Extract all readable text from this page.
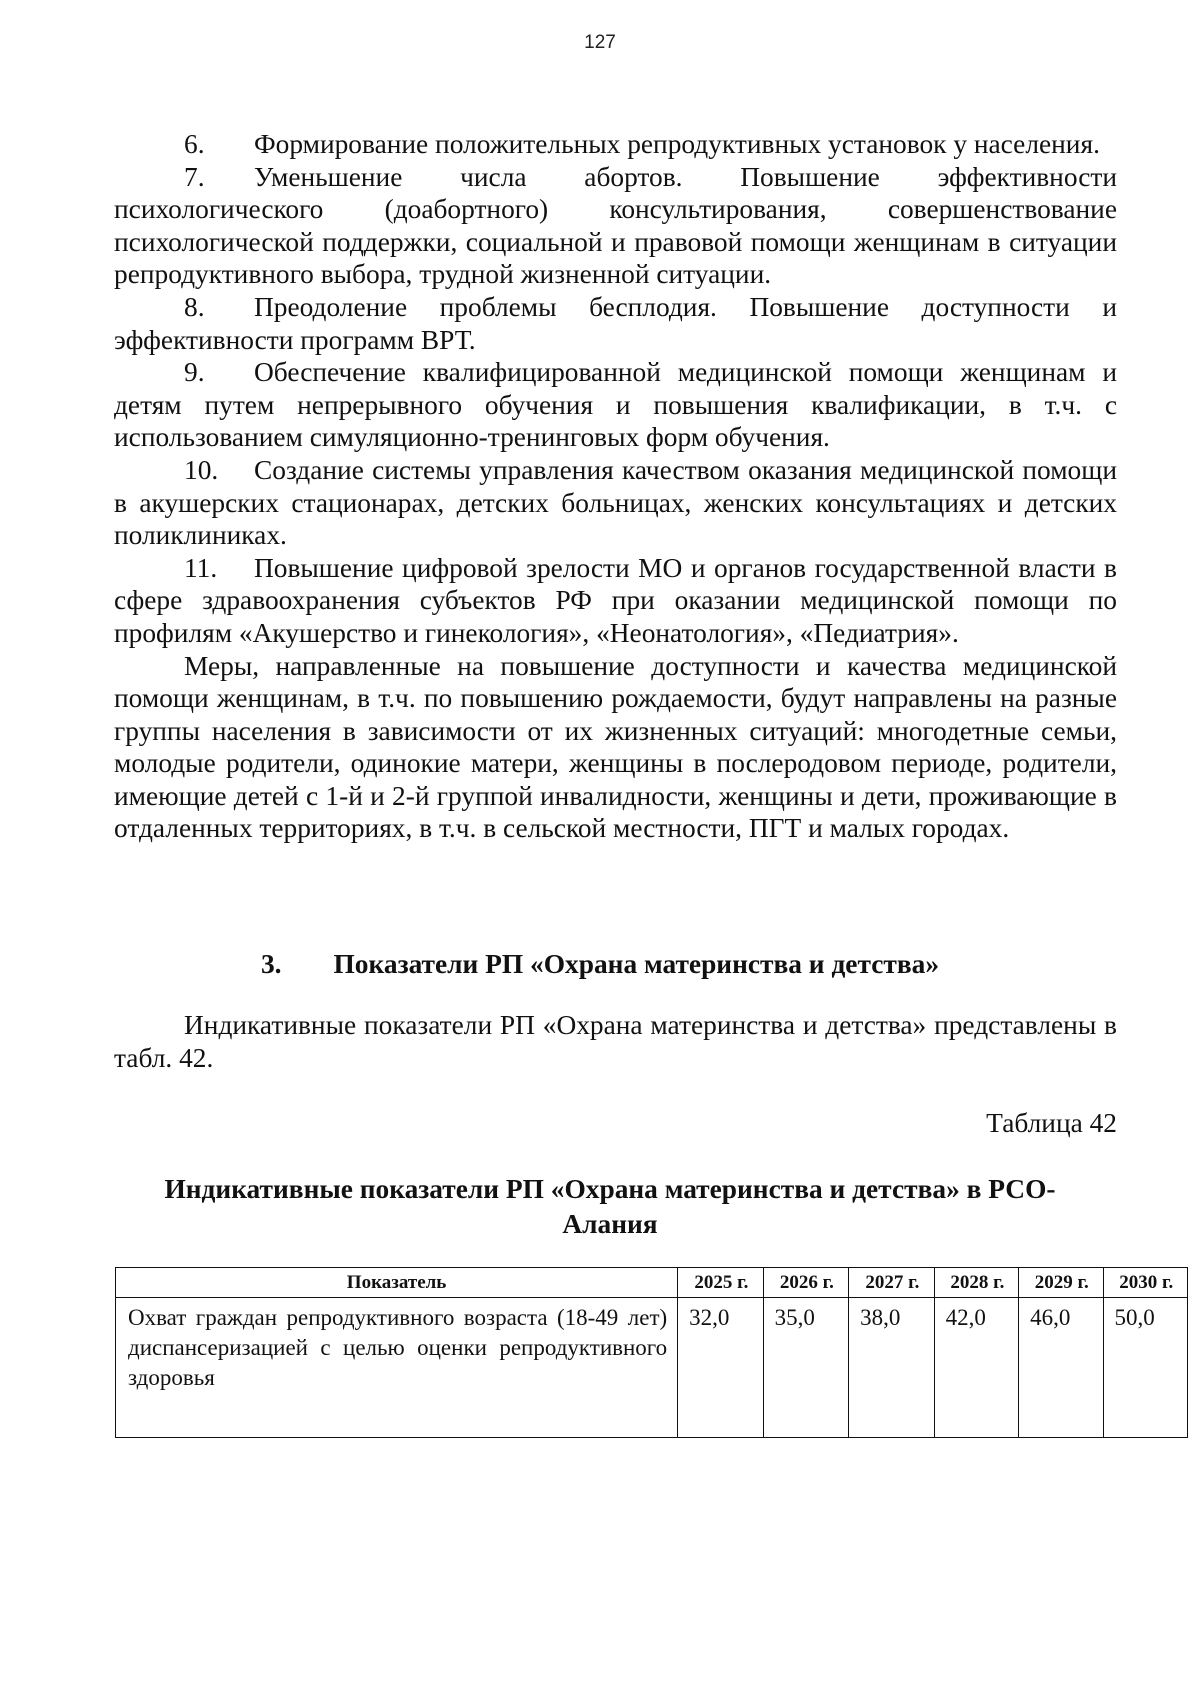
127

6. Формирование положительных репродуктивных установок у населения.

7. Уменьшение числа абортов. Повышение эффективности психологического (доабортного) консультирования, совершенствование психологической поддержки, социальной и правовой помощи женщинам в ситуации репродуктивного выбора, трудной жизненной ситуации.

8. Преодоление проблемы бесплодия. Повышение доступности и эффективности программ ВРТ.

9. Обеспечение квалифицированной медицинской помощи женщинам и детям путем непрерывного обучения и повышения квалификации, в т.ч. с использованием симуляционно-тренинговых форм обучения.

10. Создание системы управления качеством оказания медицинской помощи в акушерских стационарах, детских больницах, женских консультациях и детских поликлиниках.

11. Повышение цифровой зрелости МО и органов государственной власти в сфере здравоохранения субъектов РФ при оказании медицинской помощи по профилям «Акушерство и гинекология», «Неонатология», «Педиатрия».

Меры, направленные на повышение доступности и качества медицинской помощи женщинам, в т.ч. по повышению рождаемости, будут направлены на разные группы населения в зависимости от их жизненных ситуаций: многодетные семьи, молодые родители, одинокие матери, женщины в послеродовом периоде, родители, имеющие детей с 1-й и 2-й группой инвалидности, женщины и дети, проживающие в отдаленных территориях, в т.ч. в сельской местности, ПГТ и малых городах.

3. Показатели РП «Охрана материнства и детства»

Индикативные показатели РП «Охрана материнства и детства» представлены в табл. 42.

Таблица 42
Индикативные показатели РП «Охрана материнства и детства» в РСО-Алания
Показатель	2025 г.	2026 г.	2027 г.	2028 г.	2029 г.	2030 г.
Охват граждан репродуктивного возраста (18-49 лет) диспансеризацией с целью оценки репродуктивного здоровья	32,0	35,0	38,0	42,0	46,0	50,0
